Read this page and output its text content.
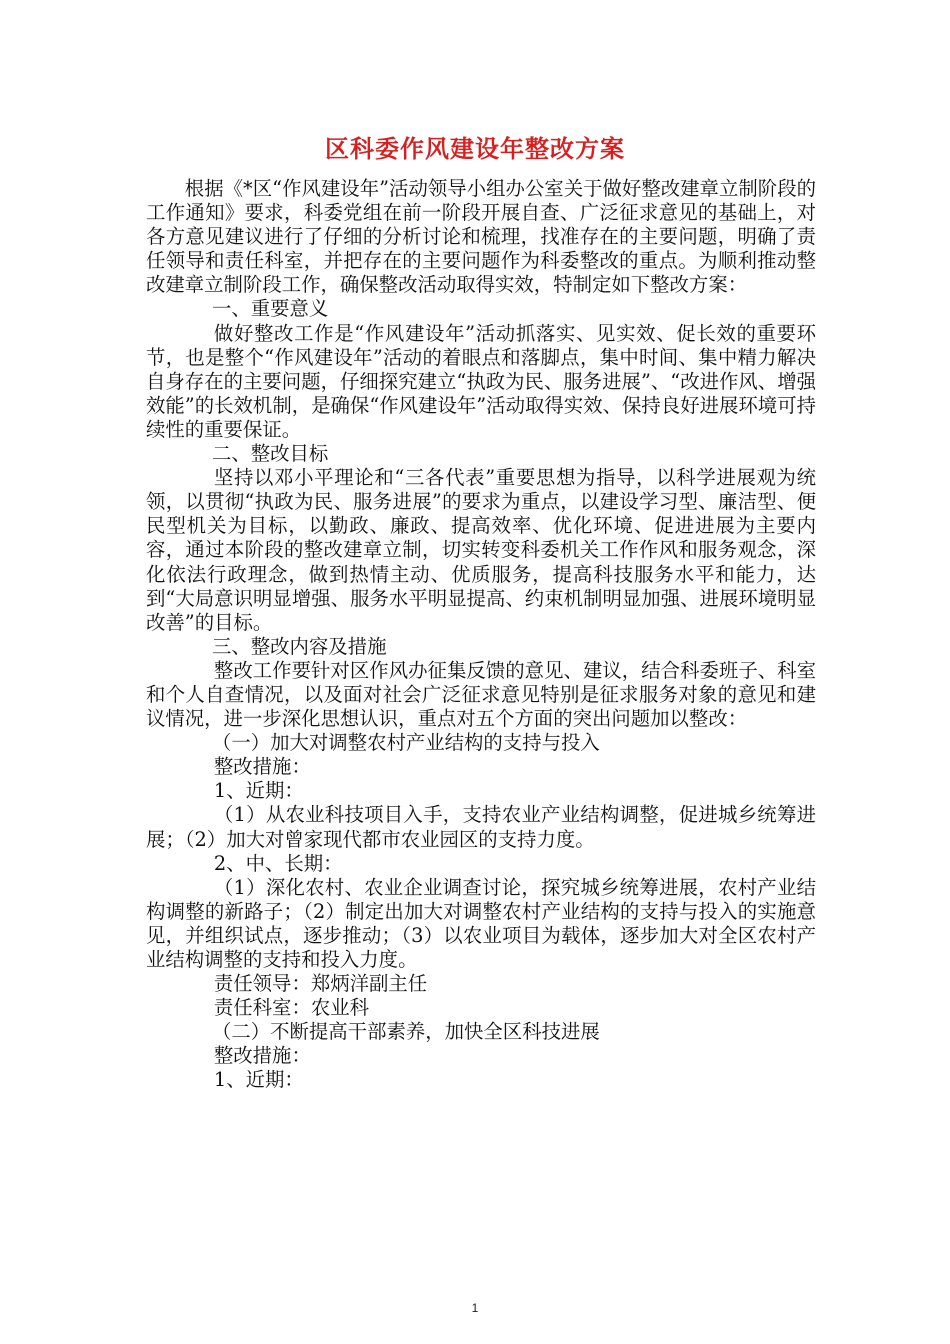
区科委作风建设年整改方案

根据《*区“作风建设年”活动领导小组办公室关于做好整改建章立制阶段的工作通知》要求，科委党组在前一阶段开展自查、广泛征求意见的基础上，对各方意见建议进行了仔细的分析讨论和梳理，找准存在的主要问题，明确了责任领导和责任科室，并把存在的主要问题作为科委整改的重点。为顺利推动整改建章立制阶段工作，确保整改活动取得实效，特制定如下整改方案：

一、重要意义

做好整改工作是“作风建设年”活动抓落实、见实效、促长效的重要环节，也是整个“作风建设年”活动的着眼点和落脚点，集中时间、集中精力解决自身存在的主要问题，仔细探究建立“执政为民、服务进展”、“改进作风、增强效能”的长效机制，是确保“作风建设年”活动取得实效、保持良好进展环境可持续性的重要保证。

二、整改目标

坚持以邓小平理论和“三各代表”重要思想为指导，以科学进展观为统领，以贯彻“执政为民、服务进展”的要求为重点，以建设学习型、廉洁型、便民型机关为目标，以勤政、廉政、提高效率、优化环境、促进进展为主要内容，通过本阶段的整改建章立制，切实转变科委机关工作作风和服务观念，深化依法行政理念，做到热情主动、优质服务，提高科技服务水平和能力，达到“大局意识明显增强、服务水平明显提高、约束机制明显加强、进展环境明显改善”的目标。

三、整改内容及措施

整改工作要针对区作风办征集反馈的意见、建议，结合科委班子、科室和个人自查情况，以及面对社会广泛征求意见特别是征求服务对象的意见和建议情况，进一步深化思想认识，重点对五个方面的突出问题加以整改：

（一）加大对调整农村产业结构的支持与投入

整改措施：

1、近期：

（1）从农业科技项目入手，支持农业产业结构调整，促进城乡统筹进展；（2）加大对曾家现代都市农业园区的支持力度。

2、中、长期：

（1）深化农村、农业企业调查讨论，探究城乡统筹进展，农村产业结构调整的新路子；（2）制定出加大对调整农村产业结构的支持与投入的实施意见，并组织试点，逐步推动；（3）以农业项目为载体，逐步加大对全区农村产业结构调整的支持和投入力度。

责任领导：郑炳洋副主任

责任科室：农业科

（二）不断提高干部素养，加快全区科技进展

整改措施：

1、近期：

1
